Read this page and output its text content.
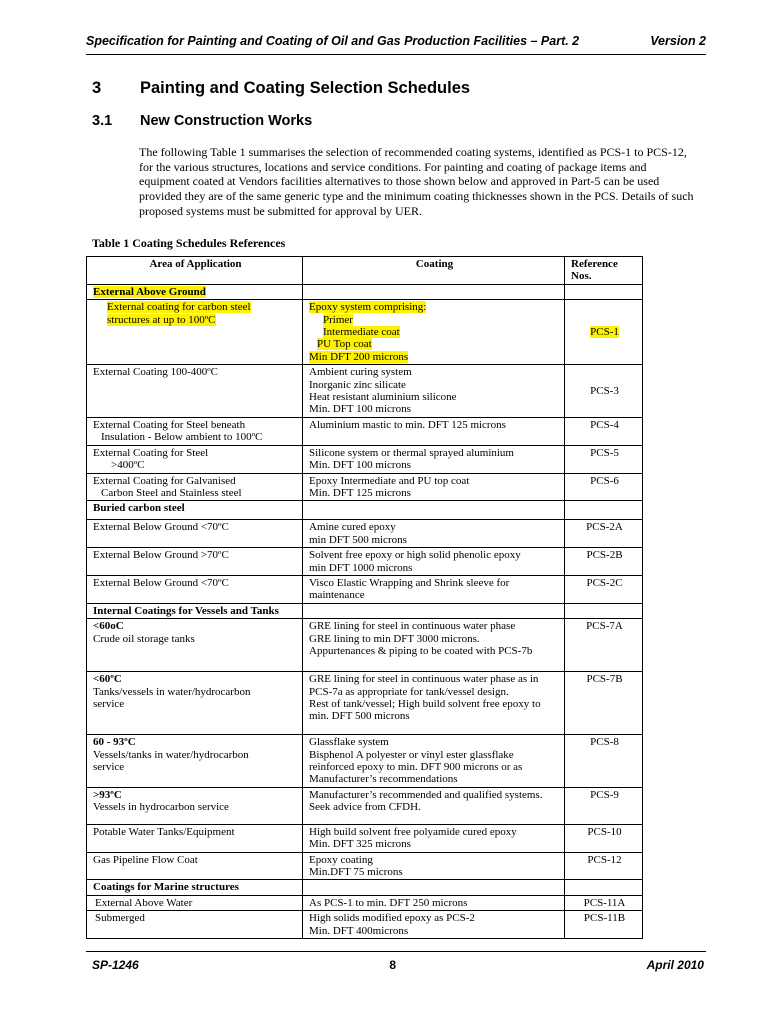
Specification for Painting and Coating of Oil and Gas Production Facilities – Part. 2	Version 2
3 Painting and Coating Selection Schedules
3.1 New Construction Works

The following Table 1 summarises the selection of recommended coating systems, identified as PCS-1 to PCS-12, for the various structures, locations and service conditions. For painting and coating of package items and equipment coated at Vendors facilities alternatives to those shown below and approved in Part-5 can be used provided they are of the same generic type and the minimum coating thicknesses shown in the PCS. Details of such proposed systems must be submitted for approval by UER.

Table 1 Coating Schedules References
Area of Application	Coating	Reference Nos.
External Above Ground		

External coating for carbon steel
structures at up to 100ºC	Epoxy system comprising:
Primer
Intermediate coat
PU Top coat
Min DFT 200 microns	PCS-1

External Coating 100-400ºC	Ambient curing system
Inorganic zinc silicate
Heat resistant aluminium silicone
Min. DFT 100 microns	PCS-3

External Coating for Steel beneath
Insulation - Below ambient to 100ºC	Aluminium mastic to min. DFT 125 microns	PCS-4

External Coating for Steel
>400ºC	Silicone system or thermal sprayed aluminium
Min. DFT 100 microns	PCS-5

External Coating for Galvanised
Carbon Steel and Stainless steel	Epoxy Intermediate and PU top coat
Min. DFT 125 microns	PCS-6
Buried carbon steel		

External Below Ground <70ºC	Amine cured epoxy
min DFT 500 microns	PCS-2A

External Below Ground >70ºC	Solvent free epoxy or high solid phenolic epoxy
min DFT 1000 microns	PCS-2B

External Below Ground <70ºC	Visco Elastic Wrapping and Shrink sleeve for
maintenance	PCS-2C
Internal Coatings for Vessels and Tanks		

<60oC
Crude oil storage tanks	GRE lining for steel in continuous water phase
GRE lining to min DFT 3000 microns.
Appurtenances & piping to be coated with PCS-7b	PCS-7A

<60ºC
Tanks/vessels in water/hydrocarbon
service	GRE lining for steel in continuous water phase as in
PCS-7a as appropriate for tank/vessel design.
Rest of tank/vessel; High build solvent free epoxy to
min. DFT 500 microns	PCS-7B

60 - 93ºC
Vessels/tanks in water/hydrocarbon
service	Glassflake system
Bisphenol A polyester or vinyl ester glassflake
reinforced epoxy to min. DFT 900 microns or as
Manufacturer’s recommendations	PCS-8

>93ºC
Vessels in hydrocarbon service	Manufacturer’s recommended and qualified systems.
Seek advice from CFDH.	PCS-9

Potable Water Tanks/Equipment	High build solvent free polyamide cured epoxy
Min. DFT 325 microns	PCS-10

Gas Pipeline Flow Coat	Epoxy coating
Min.DFT 75 microns	PCS-12
Coatings for Marine structures		

External Above Water	As PCS-1 to min. DFT 250 microns	PCS-11A

Submerged	High solids modified epoxy as PCS-2
Min. DFT 400microns	PCS-11B
SP-1246	8	April 2010
